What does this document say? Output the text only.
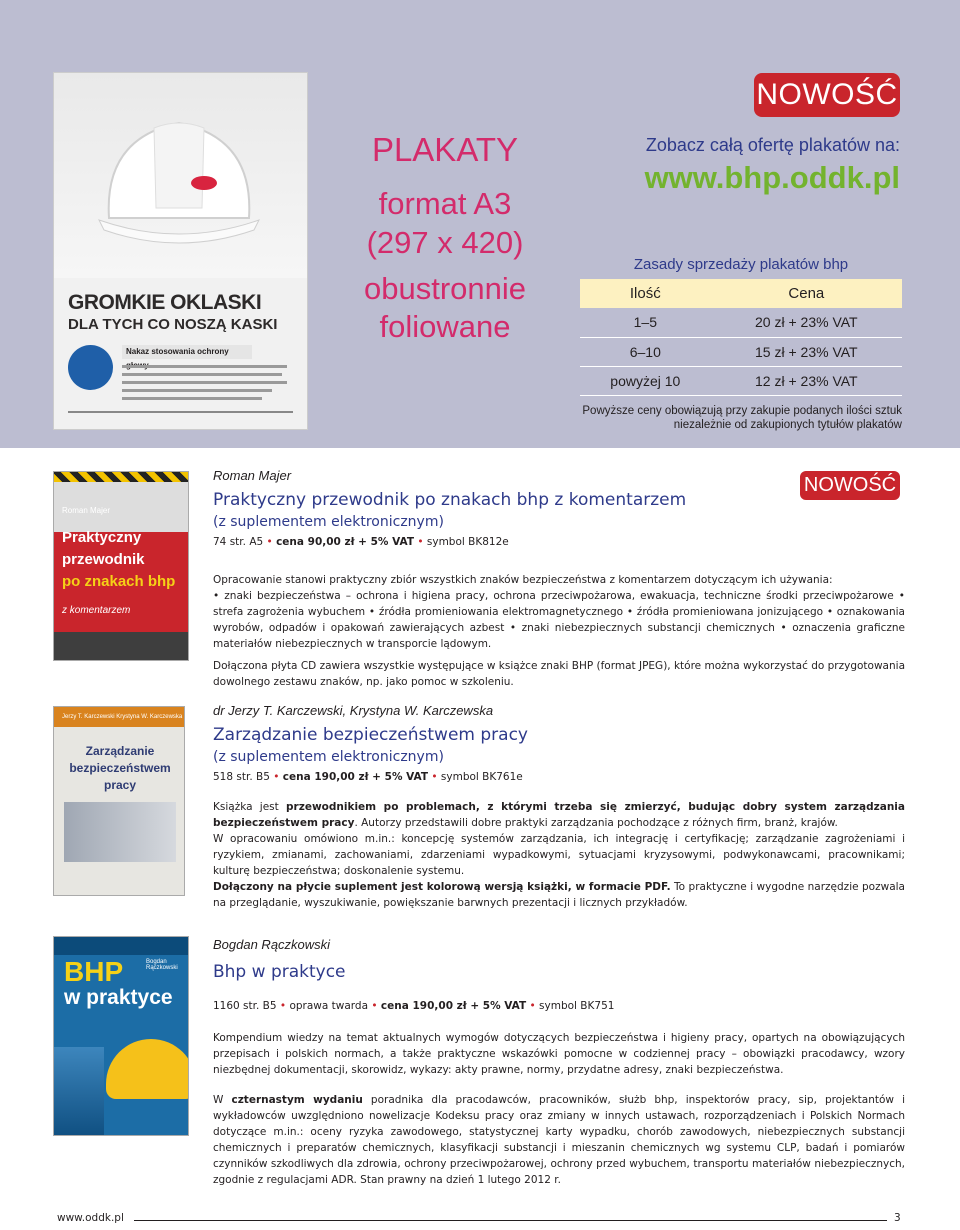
GROMKIE OKLASKI
DLA TYCH CO NOSZĄ KASKI
Nakaz stosowania ochrony
PLAKATY
format A3
(297 x 420)
obustronnie
foliowane
NOWOŚĆ
Zobacz całą ofertę plakatów na:
www.bhp.oddk.pl
Zasady sprzedaży plakatów bhp
Ilość	Cena
1–5	20 zł + 23% VAT
6–10	15 zł + 23% VAT
powyżej 10	12 zł + 23% VAT
Powyższe ceny obowiązują przy zakupie podanych ilości sztuk
niezależnie od zakupionych tytułów plakatów
Roman Majer
Praktyczny
przewodnik
po znakach bhp
z komentarzem
NOWOŚĆ
Roman Majer
Praktyczny przewodnik po znakach bhp z komentarzem
(z suplementem elektronicznym)
74 str. A5 • cena 90,00 zł + 5% VAT • symbol BK812e
Opracowanie stanowi praktyczny zbiór wszystkich znaków bezpieczeństwa z komentarzem dotyczącym ich używania:
• znaki bezpieczeństwa – ochrona i higiena pracy, ochrona przeciwpożarowa, ewakuacja, techniczne środki przeciwpożarowe • strefa zagrożenia wybuchem • źródła promieniowania elektromagnetycznego • źródła promieniowana jonizującego • oznakowania wyrobów, odpadów i opakowań zawierających azbest • znaki niebezpiecznych substancji chemicznych • oznaczenia graficzne materiałów niebezpiecznych w transporcie lądowym.
Dołączona płyta CD zawiera wszystkie występujące w książce znaki BHP (format JPEG), które można wykorzystać do przygotowania dowolnego zestawu znaków, np. jako pomoc w szkoleniu.
Jerzy T. Karczewski Krystyna W. Karczewska
Zarządzanie
bezpieczeństwem
pracy
dr Jerzy T. Karczewski, Krystyna W. Karczewska
Zarządzanie bezpieczeństwem pracy
(z suplementem elektronicznym)
518 str. B5 • cena 190,00 zł + 5% VAT • symbol BK761e
Książka jest przewodnikiem po problemach, z którymi trzeba się zmierzyć, budując dobry system zarządzania bezpieczeństwem pracy. Autorzy przedstawili dobre praktyki zarządzania pochodzące z różnych firm, branż, krajów.
W opracowaniu omówiono m.in.: koncepcję systemów zarządzania, ich integrację i certyfikację; zarządzanie zagrożeniami i ryzykiem, zmianami, zachowaniami, zdarzeniami wypadkowymi, sytuacjami kryzysowymi, podwykonawcami, pracownikami; kulturę bezpieczeństwa; doskonalenie systemu.
Dołączony na płycie suplement jest kolorową wersją książki, w formacie PDF. To praktyczne i wygodne narzędzie pozwala na przeglądanie, wyszukiwanie, powiększanie barwnych prezentacji i licznych przykładów.
BHP
w praktyce
Bogdan Rączkowski
Bogdan Rączkowski
Bhp w praktyce
1160 str. B5 • oprawa twarda • cena 190,00 zł + 5% VAT • symbol BK751
Kompendium wiedzy na temat aktualnych wymogów dotyczących bezpieczeństwa i higieny pracy, opartych na obowiązujących przepisach i polskich normach, a także praktyczne wskazówki pomocne w codziennej pracy – obowiązki pracodawcy, wzory niezbędnej dokumentacji, skorowidz, wykazy: akty prawne, normy, przydatne adresy, znaki bezpieczeństwa.
W czternastym wydaniu poradnika dla pracodawców, pracowników, służb bhp, inspektorów pracy, sip, projektantów i wykładowców uwzględniono nowelizacje Kodeksu pracy oraz zmiany w innych ustawach, rozporządzeniach i Polskich Normach dotyczące m.in.: oceny ryzyka zawodowego, statystycznej karty wypadku, chorób zawodowych, niebezpiecznych substancji chemicznych i preparatów chemicznych, klasyfikacji substancji i mieszanin chemicznych wg systemu CLP, badań i pomiarów czynników szkodliwych dla zdrowia, ochrony przeciwpożarowej, ochrony przed wybuchem, transportu materiałów niebezpiecznych, zgodnie z regulacjami ADR. Stan prawny na dzień 1 lutego 2012 r.
www.oddk.pl	3
